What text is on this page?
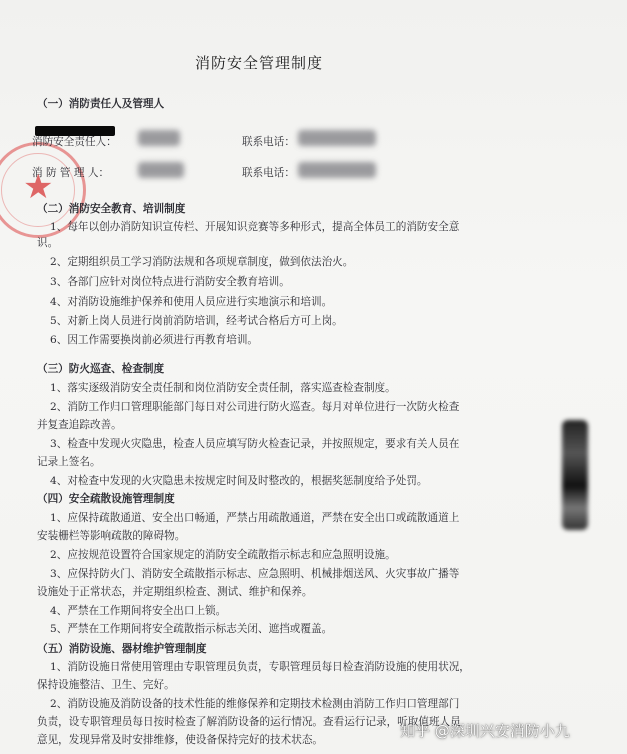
★
消防安全管理制度
（一）消防责任人及管理人
消防安全责任人：	联系电话：
消 防 管 理 人：	联系电话：
（二）消防安全教育、培训制度
1、每年以创办消防知识宣传栏、开展知识竞赛等多种形式，提高全体员工的消防安全意
识。
2、定期组织员工学习消防法规和各项规章制度，做到依法治火。
3、各部门应针对岗位特点进行消防安全教育培训。
4、对消防设施维护保养和使用人员应进行实地演示和培训。
5、对新上岗人员进行岗前消防培训，经考试合格后方可上岗。
6、因工作需要换岗前必须进行再教育培训。
（三）防火巡查、检查制度
1、落实逐级消防安全责任制和岗位消防安全责任制，落实巡查检查制度。
2、消防工作归口管理职能部门每日对公司进行防火巡查。每月对单位进行一次防火检查
并复查追踪改善。
3、检查中发现火灾隐患，检查人员应填写防火检查记录，并按照规定，要求有关人员在
记录上签名。
4、对检查中发现的火灾隐患未按规定时间及时整改的，根据奖惩制度给予处罚。
（四）安全疏散设施管理制度
1、应保持疏散通道、安全出口畅通，严禁占用疏散通道，严禁在安全出口或疏散通道上
安装栅栏等影响疏散的障碍物。
2、应按规范设置符合国家规定的消防安全疏散指示标志和应急照明设施。
3、应保持防火门、消防安全疏散指示标志、应急照明、机械排烟送风、火灾事故广播等
设施处于正常状态，并定期组织检查、测试、维护和保养。
4、严禁在工作期间将安全出口上锁。
5、严禁在工作期间将安全疏散指示标志关闭、遮挡或覆盖。
（五）消防设施、器材维护管理制度
1、消防设施日常使用管理由专职管理员负责，专职管理员每日检查消防设施的使用状况，
保持设施整洁、卫生、完好。
2、消防设施及消防设备的技术性能的维修保养和定期技术检测由消防工作归口管理部门
负责，设专职管理员每日按时检查了解消防设备的运行情况。查看运行记录，听取值班人员
意见，发现异常及时安排维修，使设备保持完好的技术状态。	知乎 @深圳兴安消防小九
